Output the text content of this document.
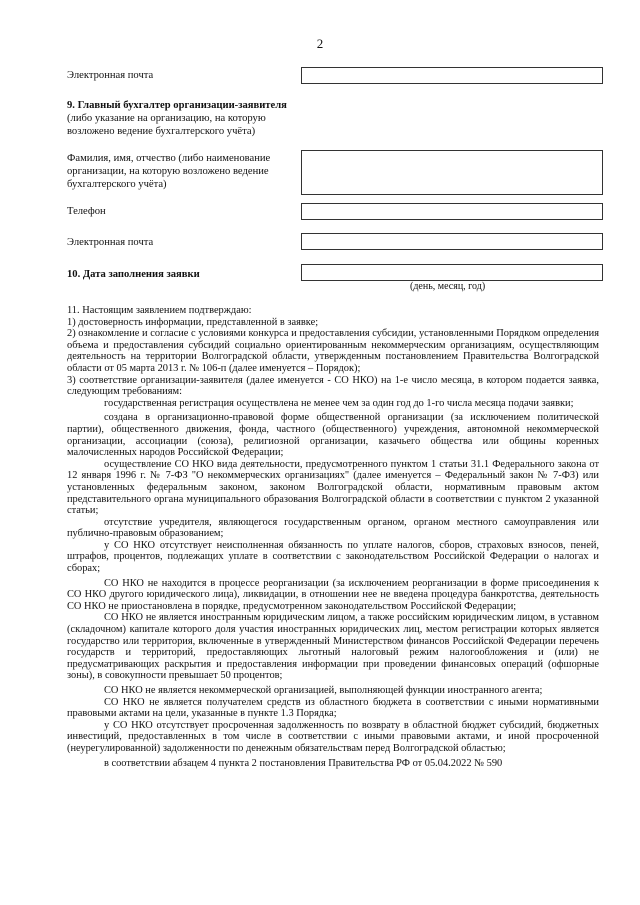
2
Электронная почта
9. Главный бухгалтер организации-заявителя
(либо указание на организацию, на которую возложено ведение бухгалтерского учёта)
Фамилия, имя, отчество (либо наименование организации, на которую возложено ведение бухгалтерского учёта)
Телефон
Электронная почта
10. Дата заполнения заявки
(день, месяц, год)

11. Настоящим заявлением подтверждаю:

1) достоверность информации, представленной в заявке;

2) ознакомление и согласие с условиями конкурса и предоставления субсидии, установленными Порядком определения объема и предоставления субсидий социально ориентированным некоммерческим организациям, осуществляющим деятельность на территории Волгоградской области, утвержденным постановлением Правительства Волгоградской области от 05 марта 2013 г. № 106-п (далее именуется – Порядок);

3) соответствие организации-заявителя (далее именуется - СО НКО) на 1-е число месяца, в котором подается заявка, следующим требованиям:

государственная регистрация осуществлена не менее чем за один год до 1-го числа месяца подачи заявки;

создана в организационно-правовой форме общественной организации (за исключением политической партии), общественного движения, фонда, частного (общественного) учреждения, автономной некоммерческой организации, ассоциации (союза), религиозной организации, казачьего общества или общины коренных малочисленных народов Российской Федерации;

осуществление СО НКО вида деятельности, предусмотренного пунктом 1 статьи 31.1 Федерального закона от 12 января 1996 г. № 7-ФЗ "О некоммерческих организациях" (далее именуется – Федеральный закон № 7-ФЗ) или установленных федеральным законом, законом Волгоградской области, нормативным правовым актом представительного органа муниципального образования Волгоградской области в соответствии с пунктом 2 указанной статьи;

отсутствие учредителя, являющегося государственным органом, органом местного самоуправления или публично-правовым образованием;

у СО НКО отсутствует неисполненная обязанность по уплате налогов, сборов, страховых взносов, пеней, штрафов, процентов, подлежащих уплате в соответствии с законодательством Российской Федерации о налогах и сборах;

СО НКО не находится в процессе реорганизации (за исключением реорганизации в форме присоединения к СО НКО другого юридического лица), ликвидации, в отношении нее не введена процедура банкротства, деятельность СО НКО не приостановлена в порядке, предусмотренном законодательством Российской Федерации;

СО НКО не является иностранным юридическим лицом, а также российским юридическим лицом, в уставном (складочном) капитале которого доля участия иностранных юридических лиц, местом регистрации которых является государство или территория, включенные в утвержденный Министерством финансов Российской Федерации перечень государств и территорий, предоставляющих льготный налоговый режим налогообложения и (или) не предусматривающих раскрытия и предоставления информации при проведении финансовых операций (офшорные зоны), в совокупности превышает 50 процентов;

СО НКО не является некоммерческой организацией, выполняющей функции иностранного агента;

СО НКО не является получателем средств из областного бюджета в соответствии с иными нормативными правовыми актами на цели, указанные в пункте 1.3 Порядка;

у СО НКО отсутствует просроченная задолженность по возврату в областной бюджет субсидий, бюджетных инвестиций, предоставленных в том числе в соответствии с иными правовыми актами, и иной просроченной (неурегулированной) задолженности по денежным обязательствам перед Волгоградской областью;

в соответствии абзацем 4 пункта 2 постановления Правительства РФ от 05.04.2022 № 590
